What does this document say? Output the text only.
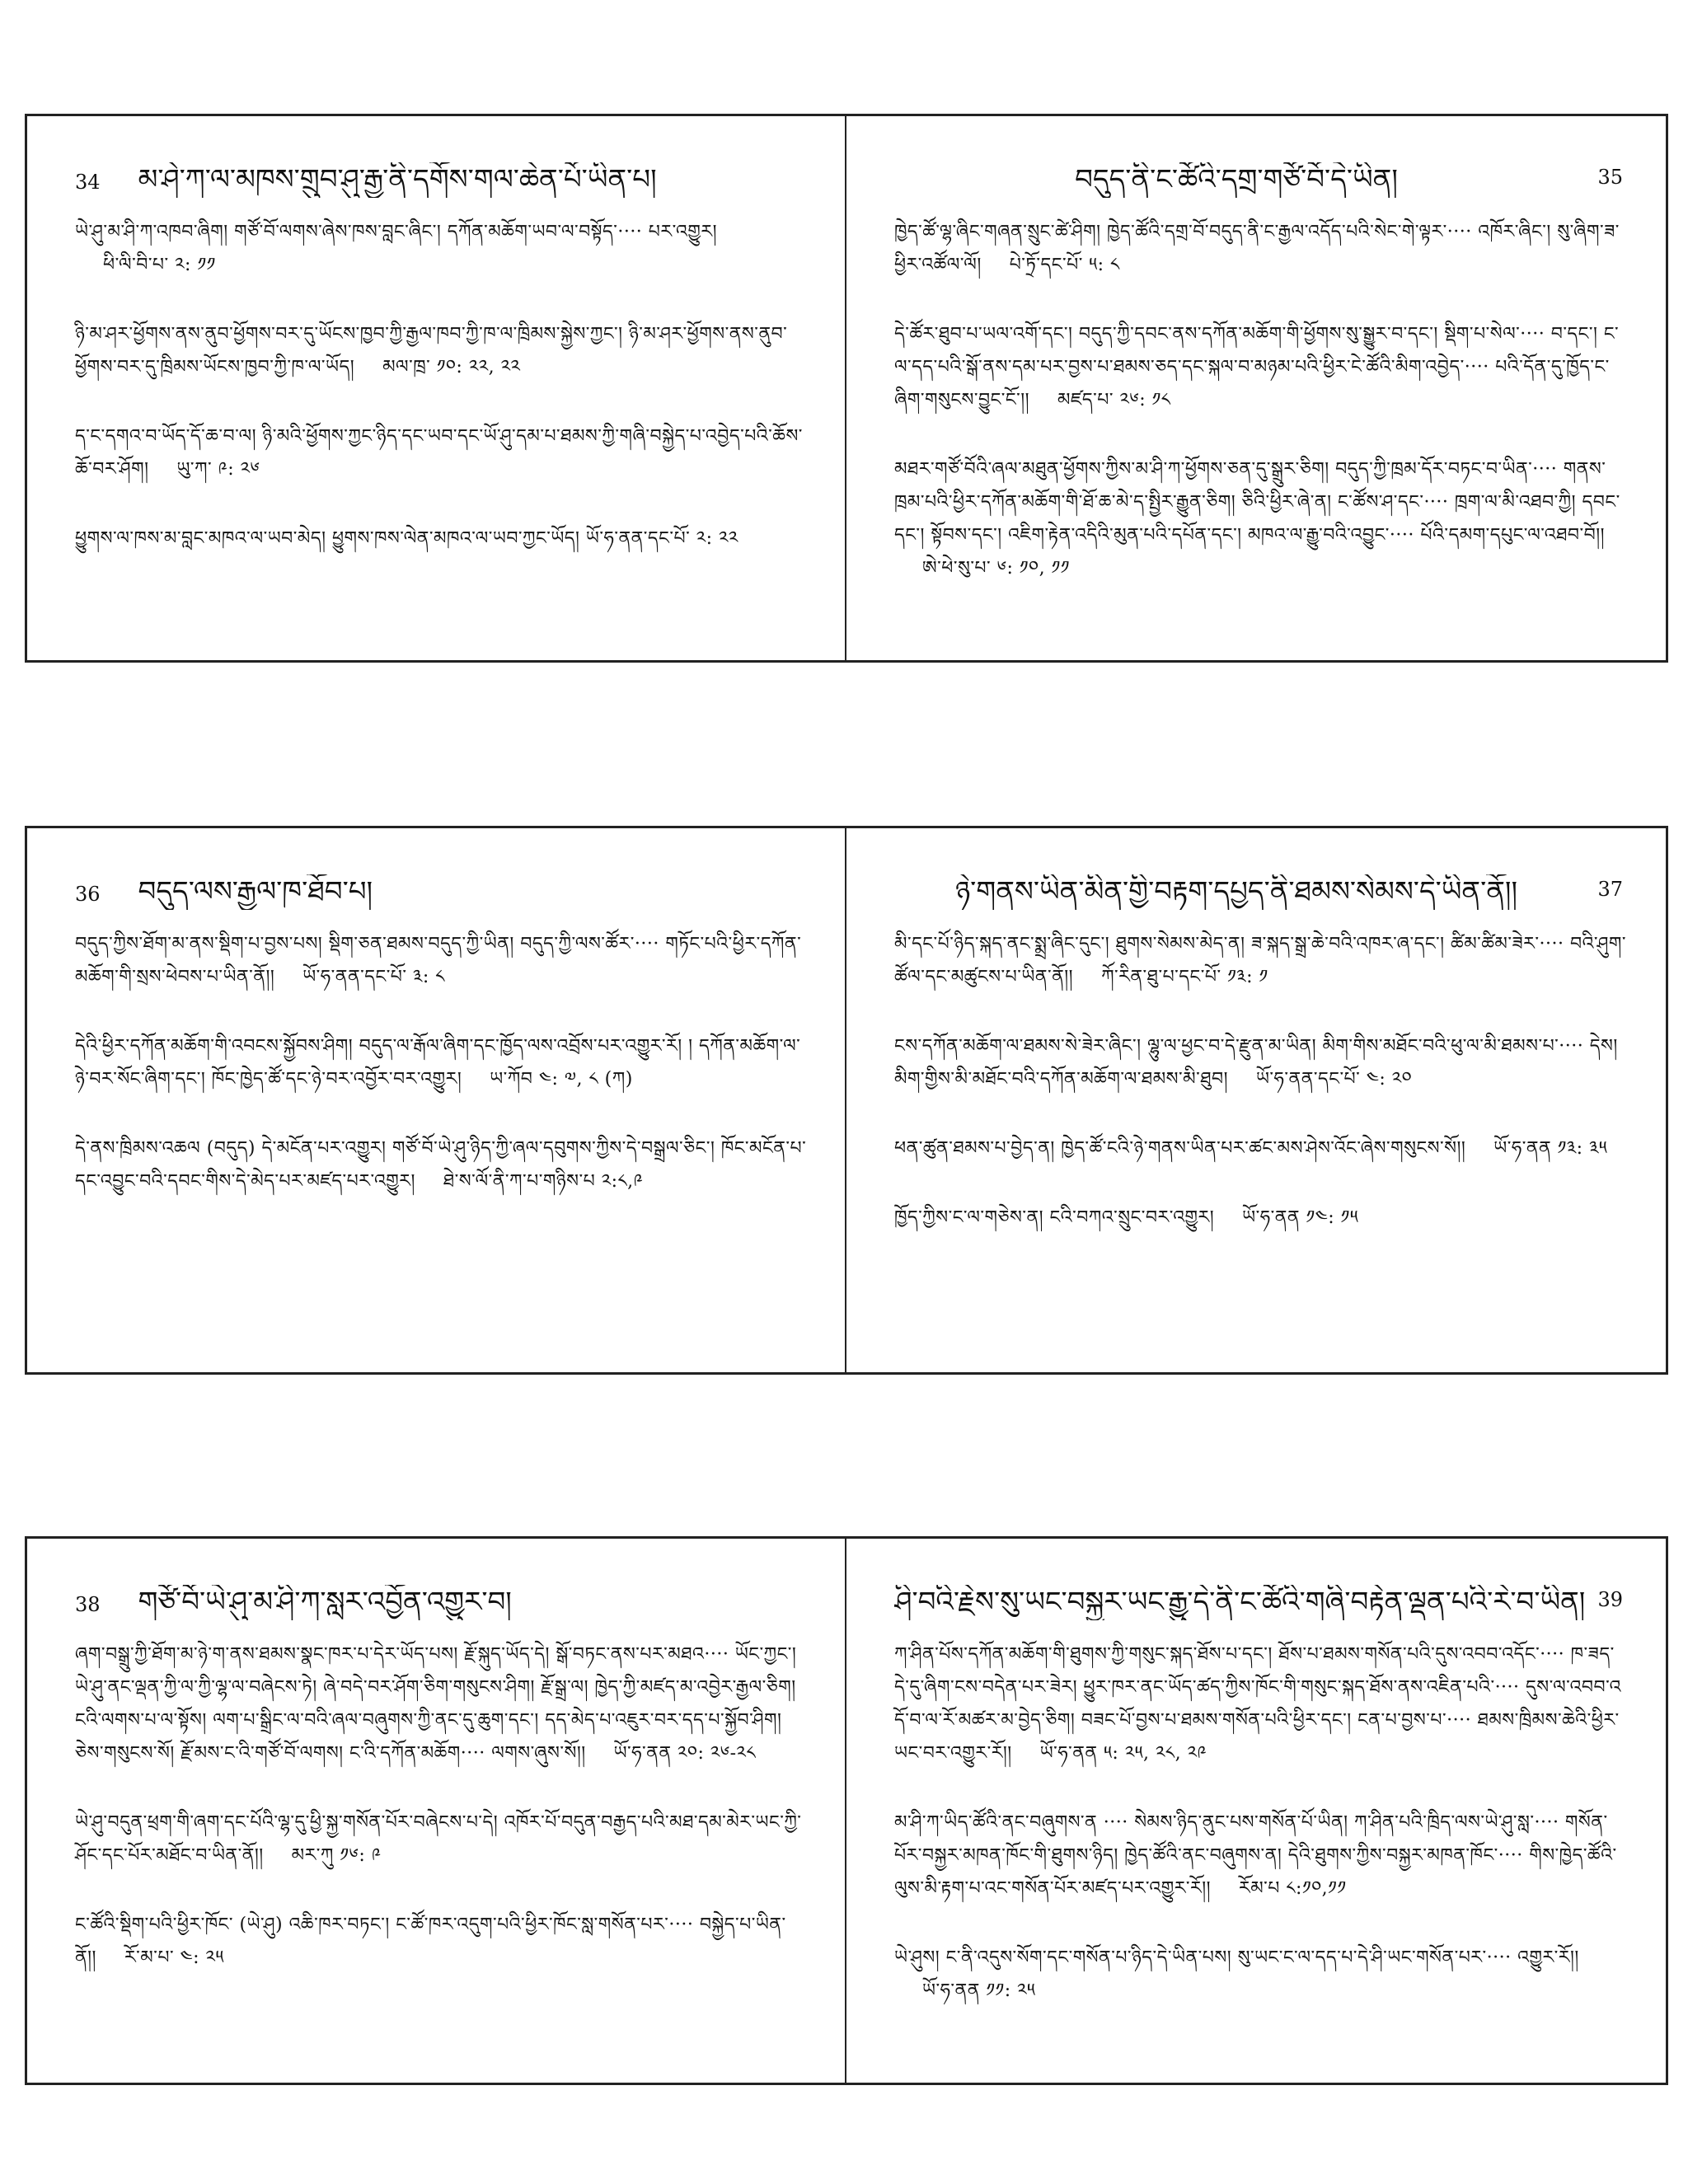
34 མ་ཤེ་ཀ་ལ་མཁས་གྲུབ་ཤུ་རྒྱ་ནི་དགོས་གལ་ཆེན་པོ་ཡིན་པ།

ཡེ་ཤུ་མ་ཤི་ཀ་འཁབ་ཞིག། གཙོ་བོ་ལགས་ཞེས་ཁས་བླང་ཞིང་། དཀོན་མཆོག་ཡབ་ལ་བསྟོད་···· པར་འགྱུར།ཕི་ལི་བི་པ་ ༢: ༡༡

ཉི་མ་ཤར་ཕྱོགས་ནས་ནུབ་ཕྱོགས་བར་དུ་ཡོངས་ཁྱབ་ཀྱི་རྒྱལ་ཁབ་ཀྱི་ཁ་ལ་ཁྲིམས་སྐྱེས་ཀྱང་། ཉི་མ་ཤར་ཕྱོགས་ནས་ནུབ་ཕྱོགས་བར་དུ་ཁྲིམས་ཡོངས་ཁྱབ་ཀྱི་ཁ་ལ་ཡོད། མལ་ཁྲ་ ༡༠: ༢༢, ༢༢

ད་ང་དགའ་བ་ཡོད་དོ་ཆ་བ་ལ། ཉི་མའི་ཕྱོགས་ཀྱང་ཉིད་དང་ཡབ་དང་ཡོ་ཤུ་དམ་པ་ཐམས་ཀྱི་གཞི་བསྐྱེད་པ་འབྱེད་པའི་ཆོས་ཆོ་བར་ཤོག། ཡུ་ཀ་ ༩: ༢༦

ཕྱུགས་ལ་ཁས་མ་བླང་མཁའ་ལ་ཡབ་མེད། ཕྱུགས་ཁས་ལེན་མཁའ་ལ་ཡབ་ཀྱང་ཡོད། ཡོ་ཧ་ནན་དང་པོ་ ༢: ༢༢

35
བདུད་ནི་ང་ཚོའི་དགྲ་གཙོ་བོ་དེ་ཡིན།

ཁྱེད་ཚོ་ལྷ་ཞིང་གཞན་སྲུང་ཚེ་ཤིག། ཁྱེད་ཚོའི་དགྲ་བོ་བདུད་ནི་ང་རྒྱལ་འདོད་པའི་སེང་གེ་ལྟར་···· འཁོར་ཞིང་། སུ་ཞིག་ཟ་ཕྱིར་འཚོལ་ལོ། པེ་ཏྲོ་དང་པོ་ ༥: ༨

དེ་ཚོར་ཐུབ་པ་ཡལ་འགོ་དང་། བདུད་ཀྱི་དབང་ནས་དཀོན་མཆོག་གི་ཕྱོགས་སུ་སྒྱུར་བ་དང་། སྡིག་པ་སེལ་···· བ་དང་། ང་ལ་དད་པའི་སྒོ་ནས་དམ་པར་བྱས་པ་ཐམས་ཅད་དང་སྐལ་བ་མཉམ་པའི་ཕྱིར་ངེ་ཚོའི་མིག་འབྱེད་···· པའི་དོན་དུ་ཁྱོད་ང་ཞིག་གསུངས་བྱུང་ངོ་།། མཛད་པ་ ༢༦: ༡༨

མཐར་གཙོ་བོའི་ཞལ་མཐུན་ཕྱོགས་ཀྱིས་མ་ཤི་ཀ་ཕྱོགས་ཅན་དུ་སྒྲུར་ཅིག། བདུད་ཀྱི་ཁྲམ་དོར་བཏང་བ་ཡིན་···· གནས་ཁྲམ་པའི་ཕྱིར་དཀོན་མཆོག་གི་ཐོ་ཆ་མེ་ད་སྤྱིར་རྒྱུན་ཅིག། ཅིའི་ཕྱིར་ཞེ་ན། ང་ཚོས་ཤ་དང་···· ཁྲག་ལ་མི་འཐབ་ཀྱི། དབང་དང་། སྟོབས་དང་། འཇིག་རྟེན་འདིའི་མུན་པའི་དཔོན་དང་། མཁའ་ལ་རྒྱུ་བའི་འབྱུང་···· པོའི་དམག་དཔུང་ལ་འཐབ་བོ།།ཨེ་ཕེ་སུ་པ་ ༦: ༡༠, ༡༡

36 བདུད་ལས་རྒྱལ་ཁ་ཐོབ་པ།

བདུད་ཀྱིས་ཐོག་མ་ནས་སྡིག་པ་བྱས་པས། སྡིག་ཅན་ཐམས་བདུད་ཀྱི་ཡིན། བདུད་ཀྱི་ལས་ཚོར་···· གཏོང་པའི་ཕྱིར་དཀོན་མཆོག་གི་སྲས་ཕེབས་པ་ཡིན་ནོ།། ཡོ་ཧ་ནན་དང་པོ་ ༣: ༨

དེའི་ཕྱིར་དཀོན་མཆོག་གི་འབངས་སྐྱོབས་ཤིག། བདུད་ལ་རྒོལ་ཞིག་དང་ཁྱོད་ལས་འབྲོས་པར་འགྱུར་རོ། ། དཀོན་མཆོག་ལ་ཉེ་བར་སོང་ཞིག་དང་། ཁོང་ཁྱེད་ཚོ་དང་ཉེ་བར་འབྱོར་བར་འགྱུར། ཡ་ཀོབ ༤: ༧, ༨ (ཀ)

དེ་ནས་ཁྲིམས་འཆལ (བདུད) དེ་མངོན་པར་འགྱུར། གཙོ་བོ་ཡེ་ཤུ་ཉིད་ཀྱི་ཞལ་དབུགས་ཀྱིས་དེ་བསྒྲལ་ཅིང་། ཁོང་མངོན་པ་དང་འབྱུང་བའི་དབང་གིས་དེ་མེད་པར་མཛད་པར་འགྱུར། ཐེ་ས་ལོ་ནི་ཀ་པ་གཉིས་པ ༢:༨,༩

37
ཉེ་གནས་ཡིན་མིན་གྱི་བརྟག་དཔྱད་ནི་ཐམས་སེམས་དེ་ཡིན་ནོ།།

མི་དང་པོ་ཉིད་སྐད་ནང་སྨྲ་ཞིང་དུང་། ཐུགས་སེམས་མེད་ན། ཟ་སྐད་སྒྲ་ཆེ་བའི་འཁར་ཞ་དང་། ཚིམ་ཚིམ་ཟེར་···· བའི་ཤུག་ཚོལ་དང་མཚུངས་པ་ཡིན་ནོ།། ཀོ་རིན་ཐུ་པ་དང་པོ་ ༡༣: ༡

ངས་དཀོན་མཆོག་ལ་ཐམས་སེ་ཟེར་ཞིང་། ལྷུ་ལ་ཕྱང་བ་དེ་རྫུན་མ་ཡིན། མིག་གིས་མཐོང་བའི་ཕུ་ལ་མི་ཐམས་པ་···· དེས། མིག་གྱིས་མི་མཐོང་བའི་དཀོན་མཆོག་ལ་ཐམས་མི་ཐུབ། ཡོ་ཧ་ནན་དང་པོ་ ༤: ༢༠

ཕན་ཚུན་ཐམས་པ་བྱེད་ན། ཁྱེད་ཚོ་ངའི་ཉེ་གནས་ཡིན་པར་ཚང་མས་ཤེས་འོང་ཞེས་གསུངས་སོ།། ཡོ་ཧ་ནན ༡༣: ༣༥

ཁྱོད་ཀྱིས་ང་ལ་གཅེས་ན། ངའི་བཀའ་སྲུང་བར་འགྱུར། ཡོ་ཧ་ནན ༡༤: ༡༥

38 གཙོ་བོ་ཡེ་ཤུ་མ་ཤི་ཀ་སླར་འབྱོན་འགྱུར་བ།

ཞག་བསྒྲུ་ཀྱི་ཐོག་མ་ཉེ་ག་ནས་ཐམས་སྣང་ཁར་པ་དེར་ཡོད་པས། རྗོ་སྐུད་ཡོད་དེ། སྒོ་བཏང་ནས་པར་མཐའ···· ཡོང་ཀྱང་། ཡེ་ཤུ་ནང་ལྡན་ཀྱི་ལ་ཀྱི་ལྷ་ལ་བཞེངས་ཏེ། ཞེ་བདེ་བར་ཤོག་ཅིག་གསུངས་ཤིག། རྗོ་སྒྲ་ལ། ཁྱེད་ཀྱི་མཛད་མ་འབྱེར་རྒྱལ་ཅིག། ངའི་ལགས་པ་ལ་སྟོས། ལག་པ་སྒྲིང་ལ་བའི་ཞལ་བཞུགས་ཀྱི་ནང་དུ་ཆུག་དང་། དད་མེད་པ་འཇུར་བར་དད་པ་སྐྱོབ་ཤིག། ཅེས་གསུངས་སོ། རྗོ་མས་ང་འི་གཙོ་བོ་ལགས། ང་འི་དཀོན་མཆོག···· ལགས་ཞུས་སོ།། ཡོ་ཧ་ནན ༢༠: ༢༦-༢༨

ཡེ་ཤུ་བདུན་ཕྲག་གི་ཞག་དང་པོའི་ལྷ་དུ་ཕྱི་སྐྱ་གསོན་པོར་བཞེངས་པ་དེ། འཁོར་པོ་བདུན་བརྒྱད་པའི་མཐ་དམ་མེར་ཡང་ཀྱི་ཤོང་དང་པོར་མཐོང་བ་ཡིན་ནོ།། མར་ཀུ ༡༦: ༩

ང་ཚོའི་སྡིག་པའི་ཕྱིར་ཁོང་ (ཡེ་ཤུ) འཆི་ཁར་བཏང་། ང་ཚོ་ཁར་འདུག་པའི་ཕྱིར་ཁོང་སླ་གསོན་པར་···· བསྐྱེད་པ་ཡིན་ནོ།། རོ་མ་པ་ ༤: ༢༥

39
ཤི་བའི་རྗེས་སུ་ཡང་བསྐྱར་ཡང་རྒྱུ་དེ་ནི་ང་ཚོའི་གཞི་བརྟེན་ལྡན་པའི་རེ་བ་ཡིན།

ཀ་ཤིན་པོས་དཀོན་མཆོག་གི་ཐུགས་ཀྱི་གསུང་སྐད་ཐོས་པ་དང་། ཐོས་པ་ཐམས་གསོན་པའི་དུས་འབབ་འདོང་···· ཁ་ཟད་དེ་དུ་ཞིག་ངས་བདེན་པར་ཟེར། ཕྱུར་ཁར་ནང་ཡོད་ཚད་ཀྱིས་ཁོང་གི་གསུང་སྐད་ཐོས་ནས་འཇིན་པའི་···· དུས་ལ་འབབ་འདོ་བ་ལ་རོ་མཚར་མ་བྱེད་ཅིག། བཟང་པོ་བྱས་པ་ཐམས་གསོན་པའི་ཕྱིར་དང་། ངན་པ་བྱས་པ་···· ཐམས་ཁྲིམས་ཆེའི་ཕྱིར་ཡང་བར་འགྱུར་རོ།། ཡོ་ཧ་ནན ༥: ༢༥, ༢༨, ༢༩

མ་ཤི་ཀ་ཡིད་ཚོའི་ནང་བཞུགས་ན ···· སེམས་ཉིད་ནུང་པས་གསོན་པོ་ཡིན། ཀ་ཤིན་པའི་ཁྲིད་ལས་ཡེ་ཤུ་སླ་···· གསོན་པོར་བསྐྱར་མཁན་ཁོང་གི་ཐུགས་ཉིད། ཁྱེད་ཚོའི་ནང་བཞུགས་ན། དེའི་ཐུགས་ཀྱིས་བསྐྱར་མཁན་ཁོང་···· གིས་ཁྱེད་ཚོའི་ལུས་མི་རྟག་པ་འང་གསོན་པོར་མཛད་པར་འགྱུར་རོ།། རོམ་པ ༨:༡༠,༡༡

ཡེ་ཤུས། ང་ནི་འདུས་སོག་དང་གསོན་པ་ཉིད་དེ་ཡིན་པས། སུ་ཡང་ང་ལ་དད་པ་དེ་ཤི་ཡང་གསོན་པར་···· འགྱུར་རོ།།ཡོ་ཧ་ནན ༡༡: ༢༥
